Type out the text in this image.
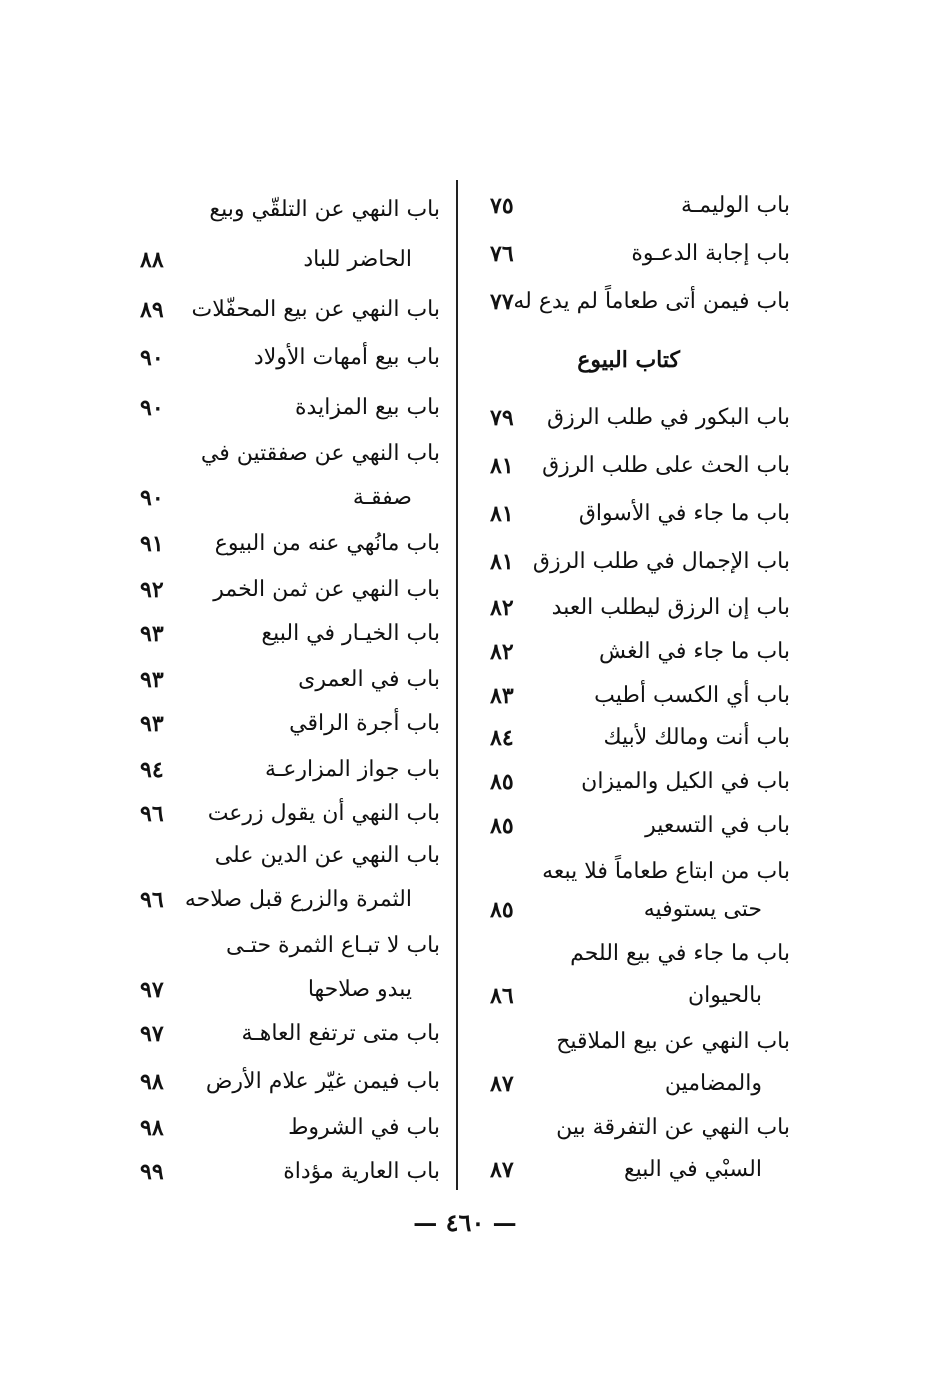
باب الوليمـة
٧٥
باب إجابة الدعـوة
٧٦
باب فيمن أتى طعاماً لم يدع له
٧٧
كتاب البيوع
باب البكور في طلب الرزق
٧٩
باب الحث على طلب الرزق
٨١
باب ما جاء في الأسواق
٨١
باب الإجمال في طلب الرزق
٨١
باب إن الرزق ليطلب العبد
٨٢
باب ما جاء في الغش
٨٢
باب أي الكسب أطيب
٨٣
باب أنت ومالك لأبيك
٨٤
باب في الكيل والميزان
٨٥
باب في التسعير
٨٥
باب من ابتاع طعاماً فلا يبعه
حتى يستوفيه
٨٥
باب ما جاء في بيع اللحم
بالحيوان
٨٦
باب النهي عن بيع الملاقيح
والمضامين
٨٧
باب النهي عن التفرقة بين
السبْي في البيع
٨٧
باب النهي عن التلقّي وبيع
الحاضر للباد
٨٨
باب النهي عن بيع المحفّلات
٨٩
باب بيع أمهات الأولاد
٩٠
باب بيع المزايدة
٩٠
باب النهي عن صفقتين في
صفقـة
٩٠
باب مانُهي عنه من البيوع
٩١
باب النهي عن ثمن الخمر
٩٢
باب الخيـار في البيع
٩٣
باب في العمرى
٩٣
باب أجرة الراقي
٩٣
باب جواز المزارعـة
٩٤
باب النهي أن يقول زرعت
٩٦
باب النهي عن الدين على
الثمرة والزرع قبل صلاحه
٩٦
باب لا تبـاع الثمرة حتـى
يبدو صلاحها
٩٧
باب متى ترتفع العاهـة
٩٧
باب فيمن غيّر علام الأرض
٩٨
باب في الشروط
٩٨
باب العارية مؤداة
٩٩
— ٤٦٠ —
